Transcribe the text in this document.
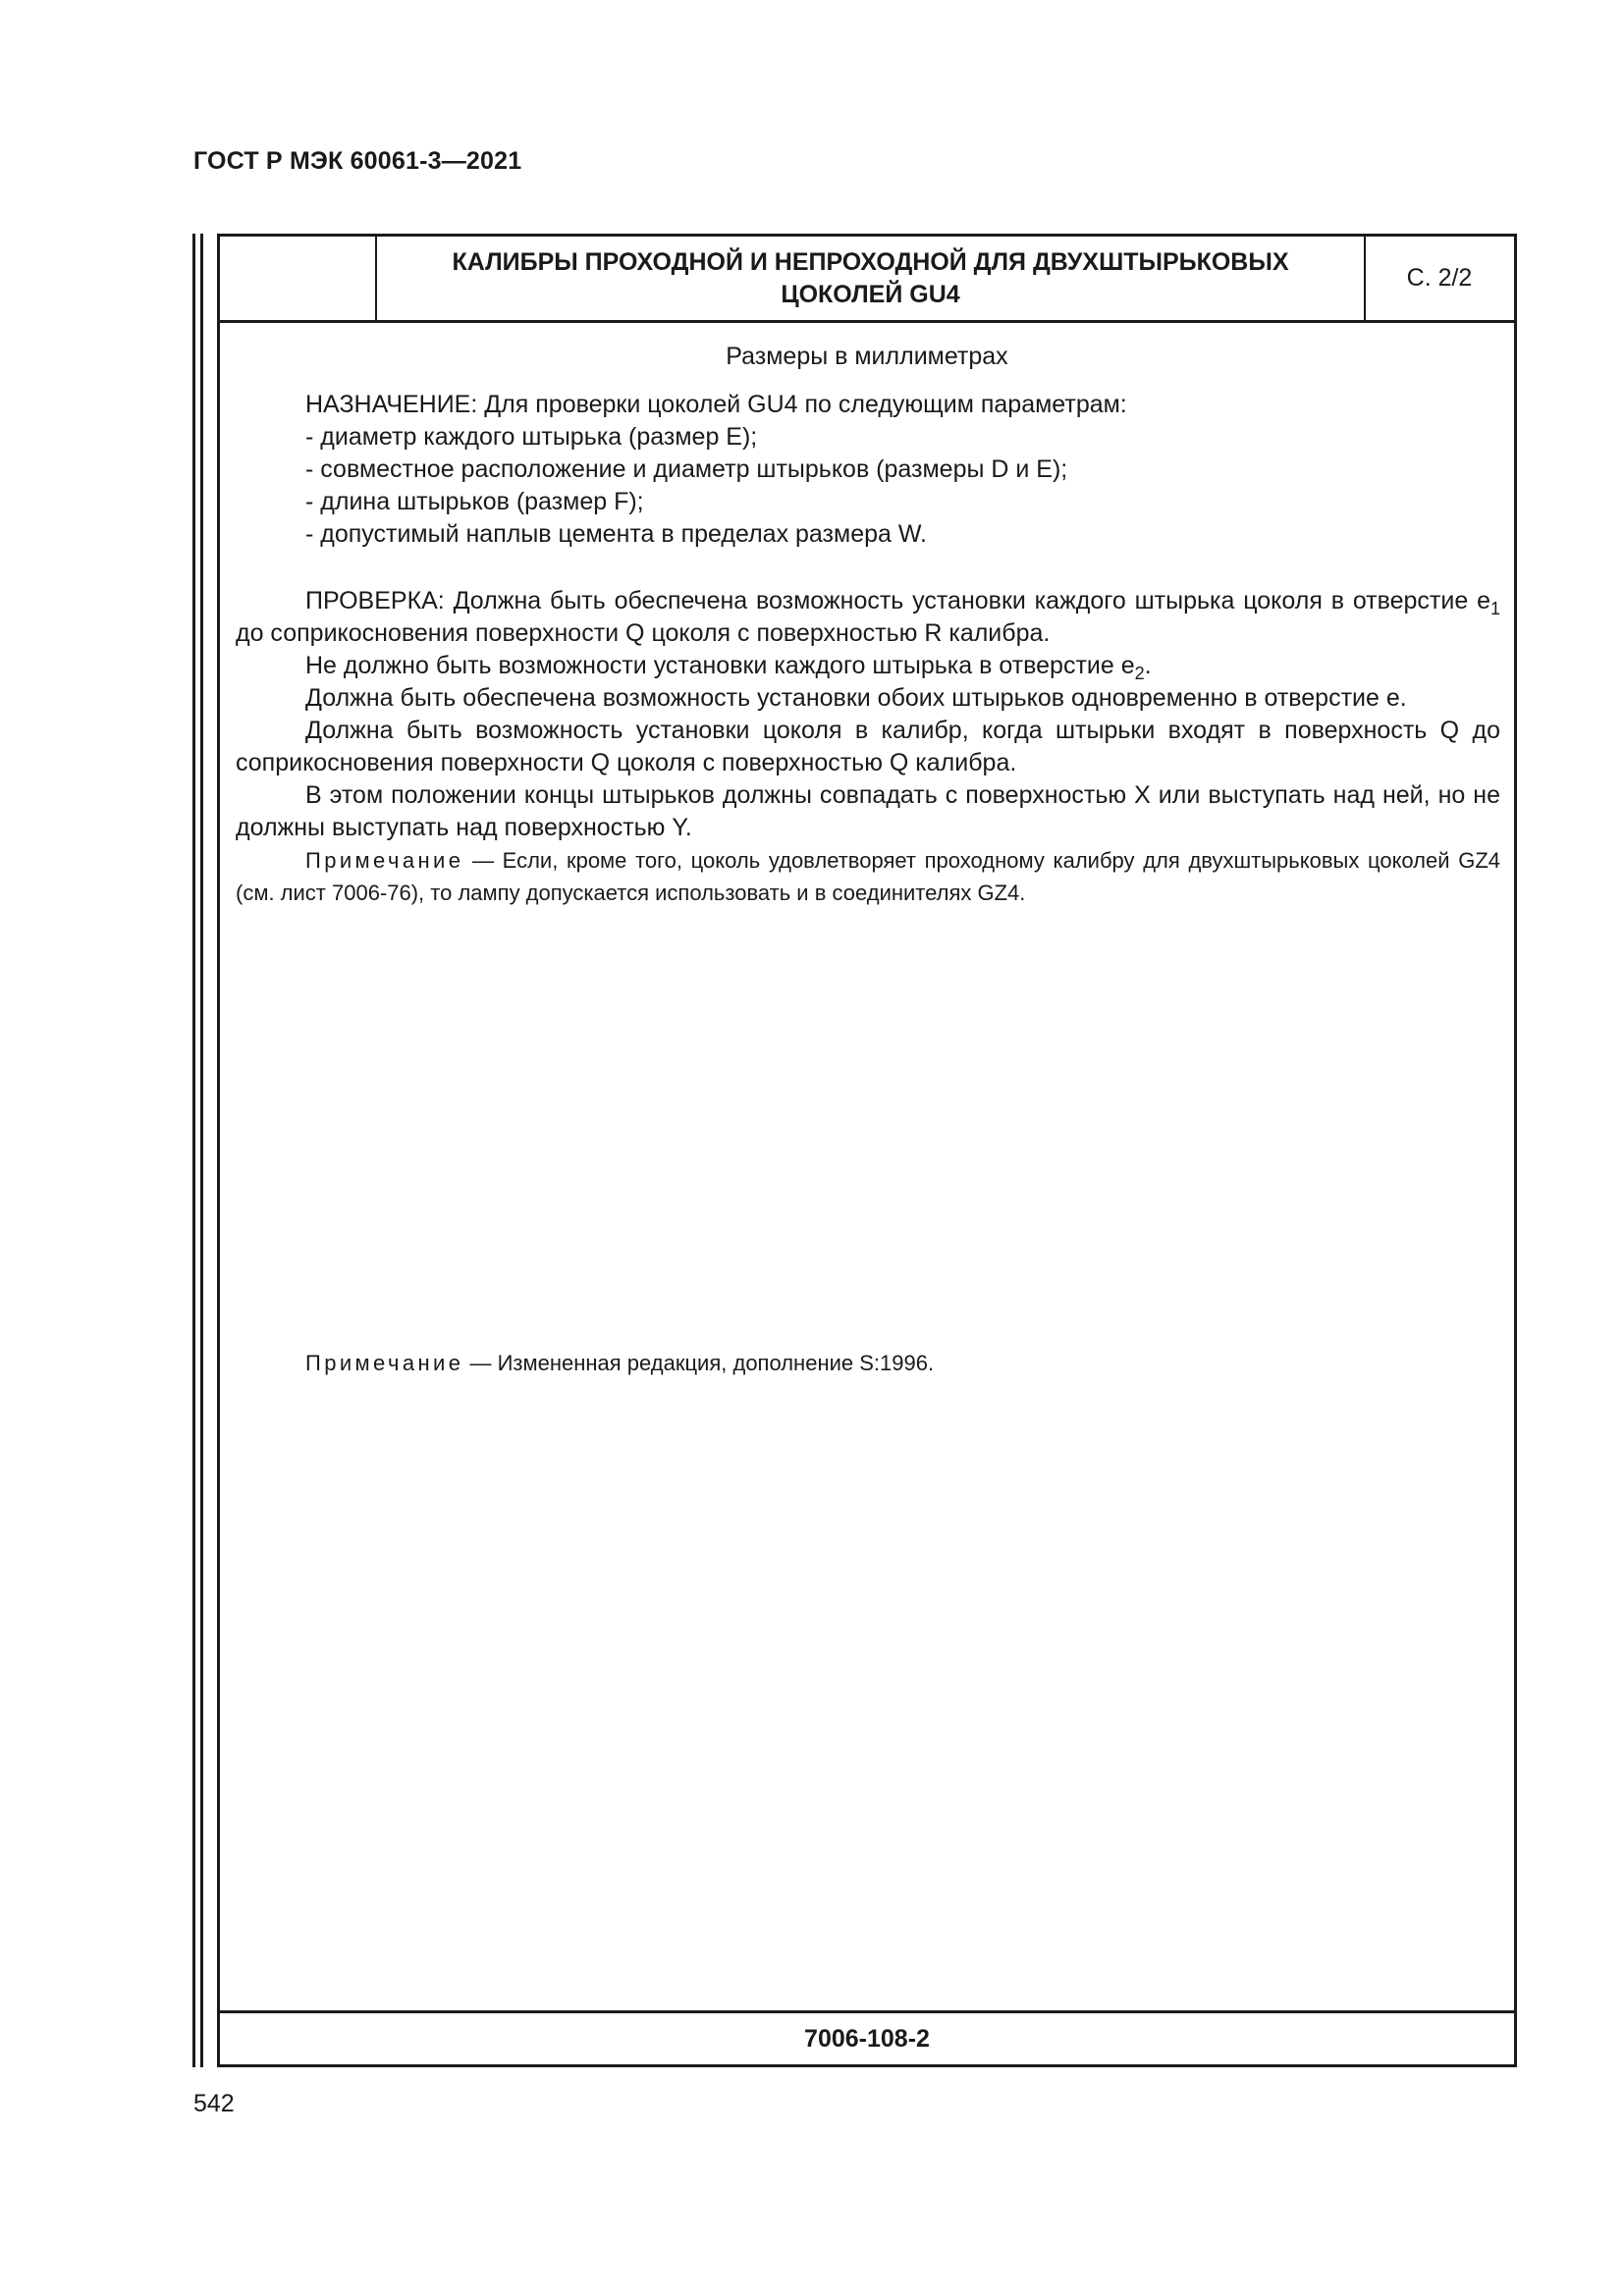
ГОСТ Р МЭК 60061-3—2021
КАЛИБРЫ ПРОХОДНОЙ И НЕПРОХОДНОЙ ДЛЯ ДВУХШТЫРЬКОВЫХ
ЦОКОЛЕЙ GU4
С. 2/2
Размеры в миллиметрах
НАЗНАЧЕНИЕ: Для проверки цоколей GU4 по следующим параметрам:
- диаметр каждого штырька (размер E);
- совместное расположение и диаметр штырьков (размеры D и E);
- длина штырьков (размер F);
- допустимый наплыв цемента в пределах размера W.

ПРОВЕРКА: Должна быть обеспечена возможность установки каждого штырька цоколя в отверстие $e_1$ до соприкосновения поверхности Q цоколя с поверхностью R калибра.

Не должно быть возможности установки каждого штырька в отверстие $e_2$.

Должна быть обеспечена возможность установки обоих штырьков одновременно в отверстие e.

Должна быть возможность установки цоколя в калибр, когда штырьки входят в поверхность Q до соприкосновения поверхности Q цоколя с поверхностью Q калибра.

В этом положении концы штырьков должны совпадать с поверхностью X или выступать над ней, но не должны выступать над поверхностью Y.

Примечание — Если, кроме того, цоколь удовлетворяет проходному калибру для двухштырьковых цоколей GZ4 (см. лист 7006-76), то лампу допускается использовать и в соединителях GZ4.

Примечание — Измененная редакция, дополнение S:1996.
7006-108-2
542
